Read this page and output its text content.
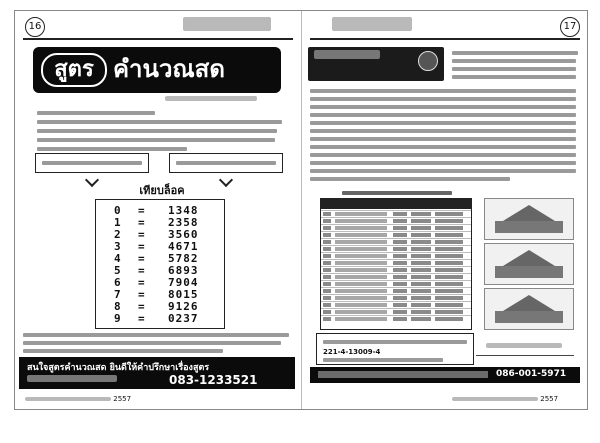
16
สูตร คำนวณสด
เทียบล็อค
0 = 1348
1 = 2358
2 = 3560
3 = 4671
4 = 5782
5 = 6893
6 = 7904
7 = 8015
8 = 9126
9 = 0237
สนใจสูตรคำนวณสด ยินดีให้คำปรึกษาเรื่องสูตร
083-1233521
2557
17
221-4-13009-4
086-001-5971
2557
